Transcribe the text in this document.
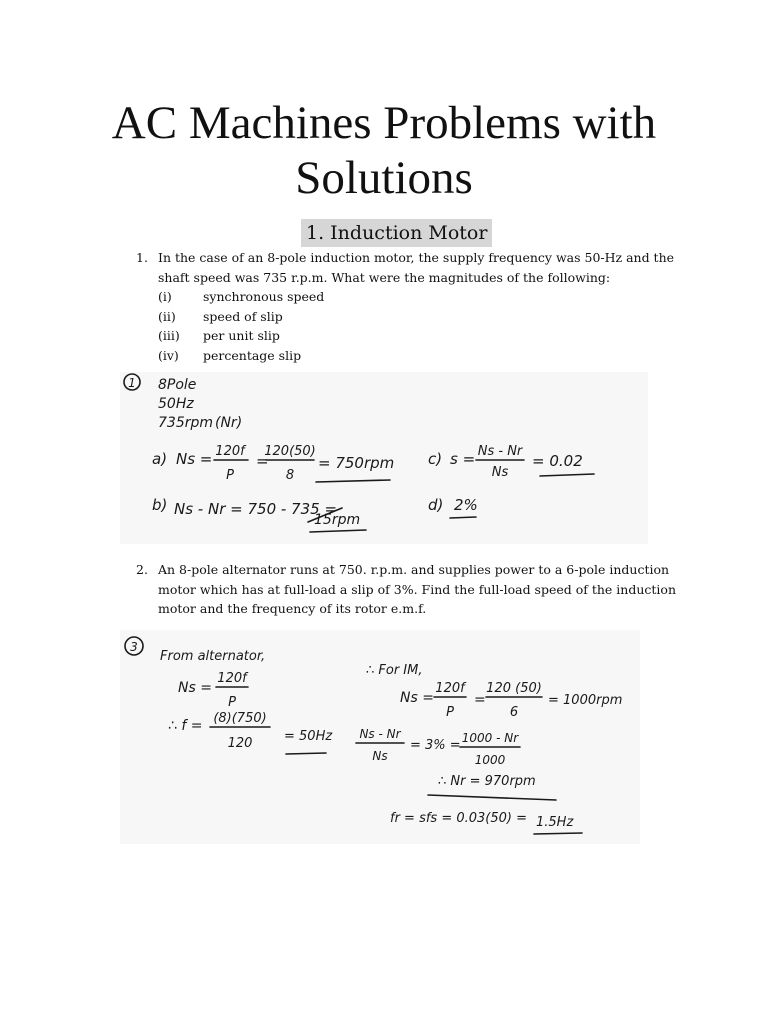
AC Machines Problems with
Solutions
1. Induction Motor
1. In the case of an 8-pole induction motor, the supply frequency was 50-Hz and the shaft speed was 735 r.p.m. What were the magnitudes of the following:
(i) synchronous speed
(ii) speed of slip
(iii) per unit slip
(iv) percentage slip
1 8Pole
50Hz
735rpm (Nr)
a) Ns = 120f
P
=
120(50)
8
= 750rpm c) s = Ns - Nr
Ns
= 0.02
b) Ns - Nr = 750 - 735 =
15rpm
d) 2%
2. An 8-pole alternator runs at 750. r.p.m. and supplies power to a 6-pole induction motor which has at full-load a slip of 3%. Find the full-load speed of the induction motor and the frequency of its rotor e.m.f.
3
From alternator,
Ns =
120f
P
∴ f = (8)(750)
120 = 50Hz
∴ For IM,
Ns =
120f
P
=
120 (50)
6
= 1000rpm
Ns - Nr
Ns
= 3% = 1000 - Nr
1000
∴ Nr = 970rpm
fr = sfs = 0.03(50) = 1.5Hz
